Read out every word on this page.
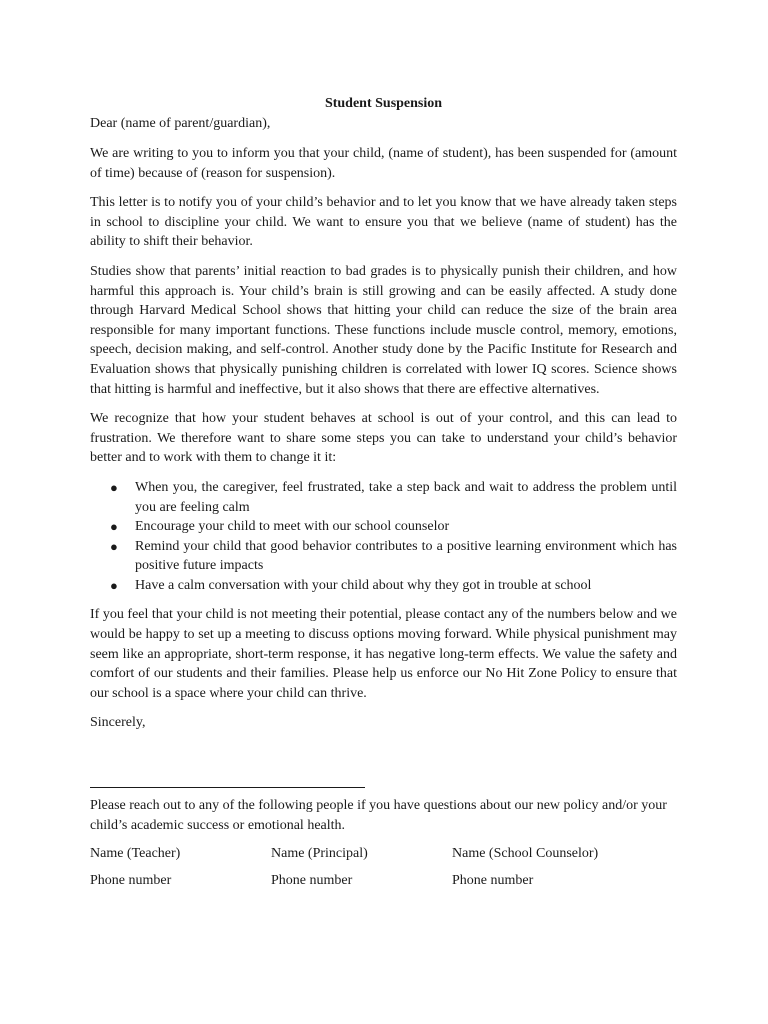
Student Suspension
Dear (name of parent/guardian),

We are writing to you to inform you that your child, (name of student), has been suspended for (amount of time) because of (reason for suspension).

This letter is to notify you of your child’s behavior and to let you know that we have already taken steps in school to discipline your child. We want to ensure you that we believe (name of student) has the ability to shift their behavior.

Studies show that parents’ initial reaction to bad grades is to physically punish their children, and how harmful this approach is. Your child’s brain is still growing and can be easily affected. A study done through Harvard Medical School shows that hitting your child can reduce the size of the brain area responsible for many important functions. These functions include muscle control, memory, emotions, speech, decision making, and self-control. Another study done by the Pacific Institute for Research and Evaluation shows that physically punishing children is correlated with lower IQ scores. Science shows that hitting is harmful and ineffective, but it also shows that there are effective alternatives.

We recognize that how your student behaves at school is out of your control, and this can lead to frustration. We therefore want to share some steps you can take to understand your child’s behavior better and to work with them to change it it:

● When you, the caregiver, feel frustrated, take a step back and wait to address the problem until you are feeling calm
● Encourage your child to meet with our school counselor
● Remind your child that good behavior contributes to a positive learning environment which has positive future impacts
● Have a calm conversation with your child about why they got in trouble at school

If you feel that your child is not meeting their potential, please contact any of the numbers below and we would be happy to set up a meeting to discuss options moving forward. While physical punishment may seem like an appropriate, short-term response, it has negative long-term effects. We value the safety and comfort of our students and their families. Please help us enforce our No Hit Zone Policy to ensure that our school is a space where your child can thrive.

Sincerely,

Please reach out to any of the following people if you have questions about our new policy and/or your child’s academic success or emotional health.

Name (Teacher)	Name (Principal)	Name (School Counselor)
Phone number	Phone number	Phone number
